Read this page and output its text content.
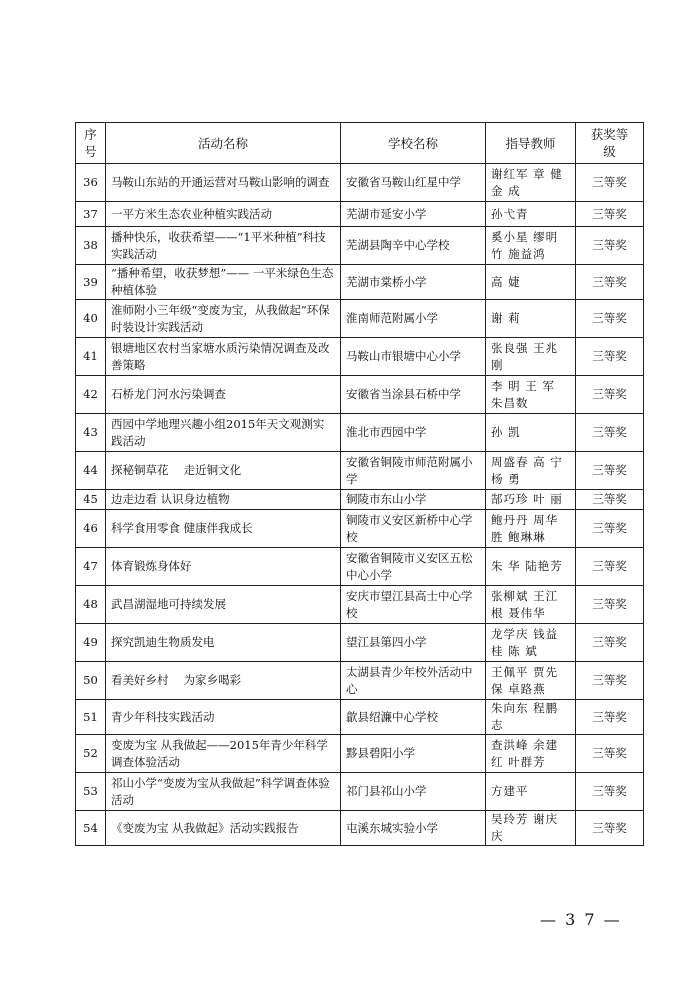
序号	活动名称	学校名称	指导教师	获奖等级
36	马鞍山东站的开通运营对马鞍山影响的调查	安徽省马鞍山红星中学	谢红军 章 健 金 成	三等奖
37	一平方米生态农业种植实践活动	芜湖市延安小学	孙弋青	三等奖
38	播种快乐，收获希望——“1平米种植”科技实践活动	芜湖县陶辛中心学校	奚小星 缪明竹 施益鸿	三等奖
39	“播种希望，收获梦想”—— 一平米绿色生态种植体验	芜湖市棠桥小学	高 婕	三等奖
40	淮师附小三年级“变废为宝，从我做起”环保时装设计实践活动	淮南师范附属小学	谢 莉	三等奖
41	银塘地区农村当家塘水质污染情况调查及改善策略	马鞍山市银塘中心小学	张良强 王兆刚	三等奖
42	石桥龙门河水污染调查	安徽省当涂县石桥中学	李 明 王 军 朱昌数	三等奖
43	西园中学地理兴趣小组2015年天文观测实践活动	淮北市西园中学	孙 凯	三等奖
44	探秘铜草花　 走近铜文化	安徽省铜陵市师范附属小学	周盛春 高 宁 杨 勇	三等奖
45	边走边看 认识身边植物	铜陵市东山小学	郜巧珍 叶 丽	三等奖
46	科学食用零食 健康伴我成长	铜陵市义安区新桥中心学校	鲍丹丹 周华胜 鲍琳琳	三等奖
47	体育锻炼身体好	安徽省铜陵市义安区五松中心小学	朱 华 陆艳芳	三等奖
48	武昌湖湿地可持续发展	安庆市望江县高士中心学校	张柳斌 王江根 聂伟华	三等奖
49	探究凯迪生物质发电	望江县第四小学	龙学庆 钱益桂 陈 斌	三等奖
50	看美好乡村　 为家乡喝彩	太湖县青少年校外活动中心	王佩平 贾先保 卓路燕	三等奖
51	青少年科技实践活动	歙县绍濂中心学校	朱向东 程鹏志	三等奖
52	变废为宝 从我做起——2015年青少年科学调查体验活动	黟县碧阳小学	查洪峰 余建红 叶群芳	三等奖
53	祁山小学“变废为宝从我做起”科学调查体验活动	祁门县祁山小学	方建平	三等奖
54	《变废为宝 从我做起》活动实践报告	屯溪东城实验小学	吴玲芳 谢庆庆	三等奖
— 3 7 —
